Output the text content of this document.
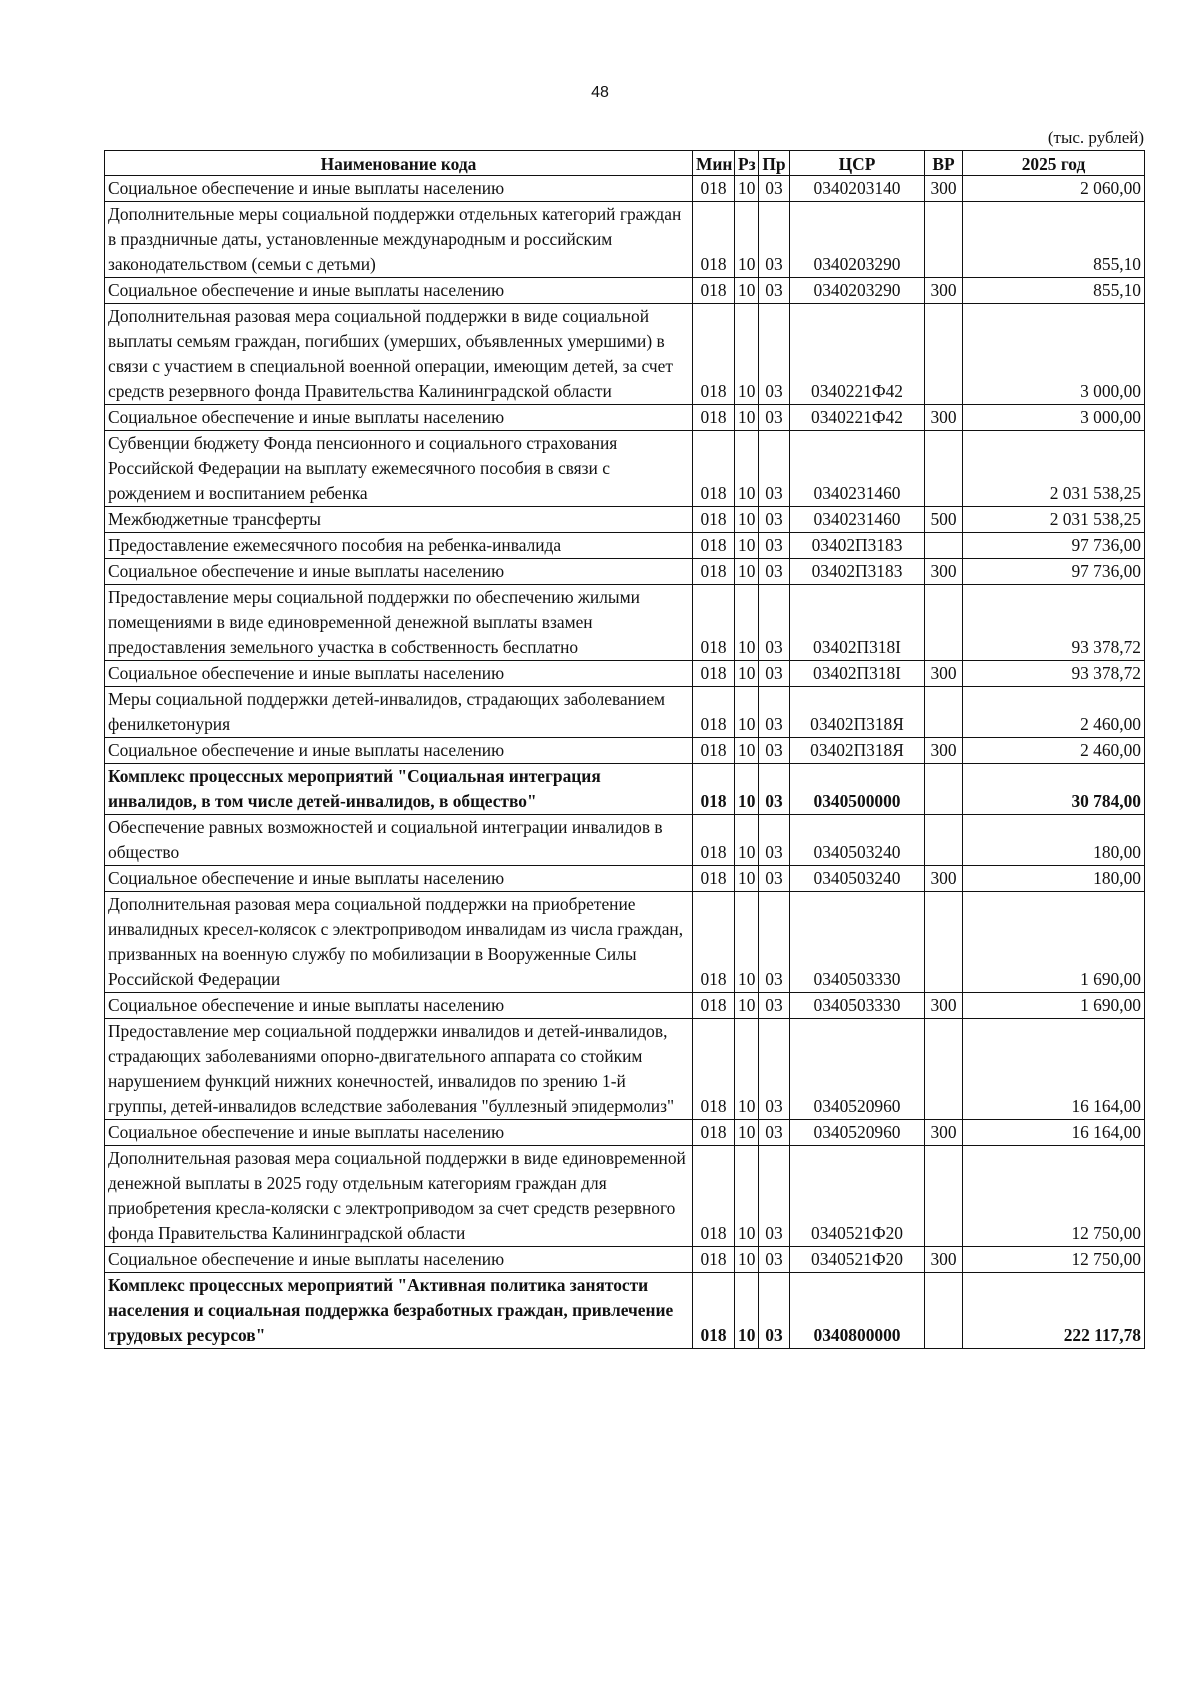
48
(тыс. рублей)
Наименование кода	Мин	Рз	Пр	ЦСР	ВР	2025 год
Социальное обеспечение и иные выплаты населению	018	10	03	0340203140	300	2 060,00
Дополнительные меры социальной поддержки отдельных категорий граждан в праздничные даты, установленные международным и российским законодательством (семьи с детьми)	018	10	03	0340203290		855,10
Социальное обеспечение и иные выплаты населению	018	10	03	0340203290	300	855,10
Дополнительная разовая мера социальной поддержки в виде социальной выплаты семьям граждан, погибших (умерших, объявленных умершими) в связи с участием в специальной военной операции, имеющим детей, за счет средств резервного фонда Правительства Калининградской области	018	10	03	0340221Ф42		3 000,00
Социальное обеспечение и иные выплаты населению	018	10	03	0340221Ф42	300	3 000,00
Субвенции бюджету Фонда пенсионного и социального страхования Российской Федерации на выплату ежемесячного пособия в связи с рождением и воспитанием ребенка	018	10	03	0340231460		2 031 538,25
Межбюджетные трансферты	018	10	03	0340231460	500	2 031 538,25
Предоставление ежемесячного пособия на ребенка-инвалида	018	10	03	03402П3183		97 736,00
Социальное обеспечение и иные выплаты населению	018	10	03	03402П3183	300	97 736,00
Предоставление меры социальной поддержки по обеспечению жилыми помещениями в виде единовременной денежной выплаты взамен предоставления земельного участка в собственность бесплатно	018	10	03	03402П318I		93 378,72
Социальное обеспечение и иные выплаты населению	018	10	03	03402П318I	300	93 378,72
Меры социальной поддержки детей-инвалидов, страдающих заболеванием фенилкетонурия	018	10	03	03402П318Я		2 460,00
Социальное обеспечение и иные выплаты населению	018	10	03	03402П318Я	300	2 460,00
Комплекс процессных мероприятий "Социальная интеграция инвалидов, в том числе детей-инвалидов, в общество"	018	10	03	0340500000		30 784,00
Обеспечение равных возможностей и социальной интеграции инвалидов в общество	018	10	03	0340503240		180,00
Социальное обеспечение и иные выплаты населению	018	10	03	0340503240	300	180,00
Дополнительная разовая мера социальной поддержки на приобретение инвалидных кресел-колясок с электроприводом инвалидам из числа граждан, призванных на военную службу по мобилизации в Вооруженные Силы Российской Федерации	018	10	03	0340503330		1 690,00
Социальное обеспечение и иные выплаты населению	018	10	03	0340503330	300	1 690,00
Предоставление мер социальной поддержки инвалидов и детей-инвалидов, страдающих заболеваниями опорно-двигательного аппарата со стойким нарушением функций нижних конечностей, инвалидов по зрению 1-й группы, детей-инвалидов вследствие заболевания "буллезный эпидермолиз"	018	10	03	0340520960		16 164,00
Социальное обеспечение и иные выплаты населению	018	10	03	0340520960	300	16 164,00
Дополнительная разовая мера социальной поддержки в виде единовременной денежной выплаты в 2025 году отдельным категориям граждан для приобретения кресла-коляски с электроприводом за счет средств резервного фонда Правительства Калининградской области	018	10	03	0340521Ф20		12 750,00
Социальное обеспечение и иные выплаты населению	018	10	03	0340521Ф20	300	12 750,00
Комплекс процессных мероприятий "Активная политика занятости населения и социальная поддержка безработных граждан, привлечение трудовых ресурсов"	018	10	03	0340800000		222 117,78
